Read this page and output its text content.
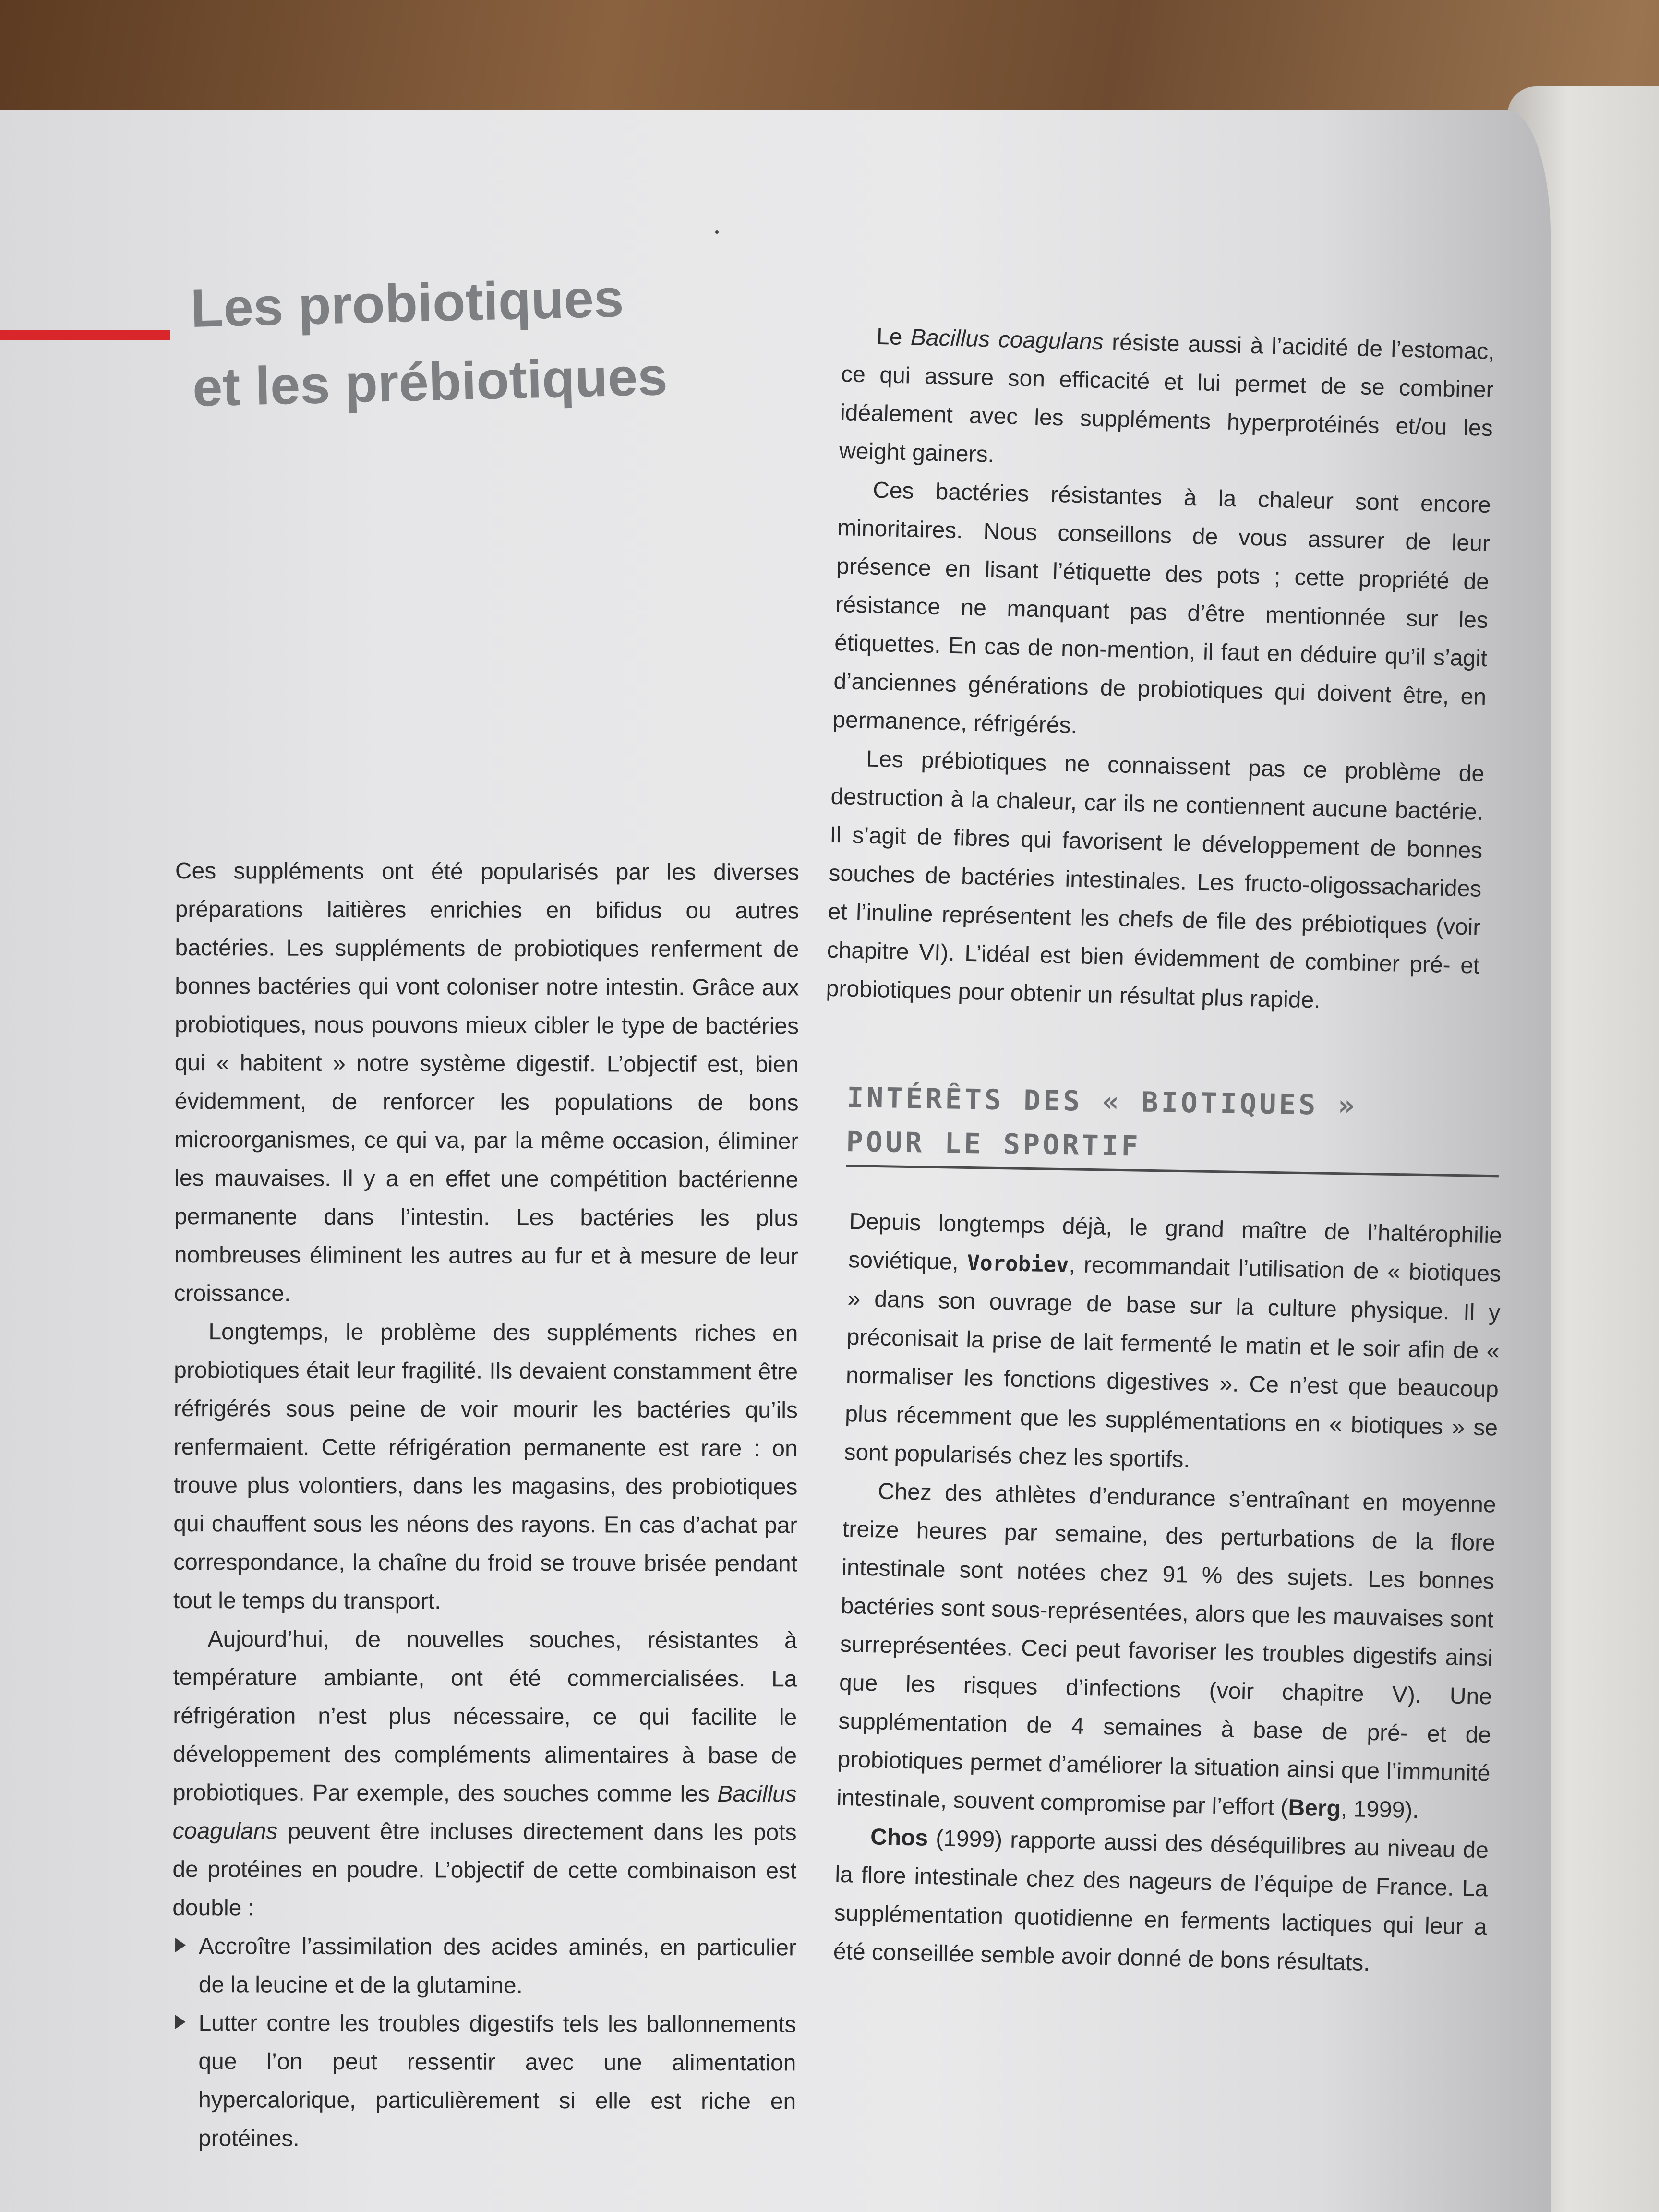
Les probiotiques
et les prébiotiques

Ces suppléments ont été popularisés par les diverses préparations laitières enrichies en bifidus ou autres bactéries. Les suppléments de probiotiques renferment de bonnes bactéries qui vont coloniser notre intestin. Grâce aux probiotiques, nous pouvons mieux cibler le type de bactéries qui « habitent » notre système digestif. L’objectif est, bien évidemment, de renforcer les populations de bons microorganismes, ce qui va, par la même occasion, éliminer les mauvaises. Il y a en effet une compétition bactérienne permanente dans l’intestin. Les bactéries les plus nombreuses éliminent les autres au fur et à mesure de leur croissance.

Longtemps, le problème des suppléments riches en probiotiques était leur fragilité. Ils devaient constamment être réfrigérés sous peine de voir mourir les bactéries qu’ils renfermaient. Cette réfrigération permanente est rare : on trouve plus volontiers, dans les magasins, des probiotiques qui chauffent sous les néons des rayons. En cas d’achat par correspondance, la chaîne du froid se trouve brisée pendant tout le temps du transport.

Aujourd’hui, de nouvelles souches, résistantes à température ambiante, ont été commercialisées. La réfrigération n’est plus nécessaire, ce qui facilite le développement des compléments alimentaires à base de probiotiques. Par exemple, des souches comme les Bacillus coagulans peuvent être incluses directement dans les pots de protéines en poudre. L’objectif de cette combinaison est double :

Accroître l’assimilation des acides aminés, en particulier de la leucine et de la glutamine.
Lutter contre les troubles digestifs tels les ballonnements que l’on peut ressentir avec une alimentation hypercalorique, particulièrement si elle est riche en protéines.

Le Bacillus coagulans résiste aussi à l’acidité de l’estomac, ce qui assure son efficacité et lui permet de se combiner idéalement avec les suppléments hyperprotéinés et/ou les weight gainers.

Ces bactéries résistantes à la chaleur sont encore minoritaires. Nous conseillons de vous assurer de leur présence en lisant l’étiquette des pots ; cette propriété de résistance ne manquant pas d’être mentionnée sur les étiquettes. En cas de non-mention, il faut en déduire qu’il s’agit d’anciennes générations de probiotiques qui doivent être, en permanence, réfrigérés.

Les prébiotiques ne connaissent pas ce problème de destruction à la chaleur, car ils ne contiennent aucune bactérie. Il s’agit de fibres qui favorisent le développement de bonnes souches de bactéries intestinales. Les fructo-oligossacharides et l’inuline représentent les chefs de file des prébiotiques (voir chapitre VI). L’idéal est bien évidemment de combiner pré- et probiotiques pour obtenir un résultat plus rapide.

INTÉRÊTS DES « BIOTIQUES »
POUR LE SPORTIF

Depuis longtemps déjà, le grand maître de l’haltérophilie soviétique, Vorobiev, recommandait l’utilisation de « biotiques » dans son ouvrage de base sur la culture physique. Il y préconisait la prise de lait fermenté le matin et le soir afin de « normaliser les fonctions digestives ». Ce n’est que beaucoup plus récemment que les supplémentations en « biotiques » se sont popularisés chez les sportifs.

Chez des athlètes d’endurance s’entraînant en moyenne treize heures par semaine, des perturbations de la flore intestinale sont notées chez 91 % des sujets. Les bonnes bactéries sont sous-représentées, alors que les mauvaises sont surreprésentées. Ceci peut favoriser les troubles digestifs ainsi que les risques d’infections (voir chapitre V). Une supplémentation de 4 semaines à base de pré- et de probiotiques permet d’améliorer la situation ainsi que l’immunité intestinale, souvent compromise par l’effort (Berg, 1999).

Chos (1999) rapporte aussi des déséquilibres au niveau de la flore intestinale chez des nageurs de l’équipe de France. La supplémentation quotidienne en ferments lactiques qui leur a été conseillée semble avoir donné de bons résultats.
